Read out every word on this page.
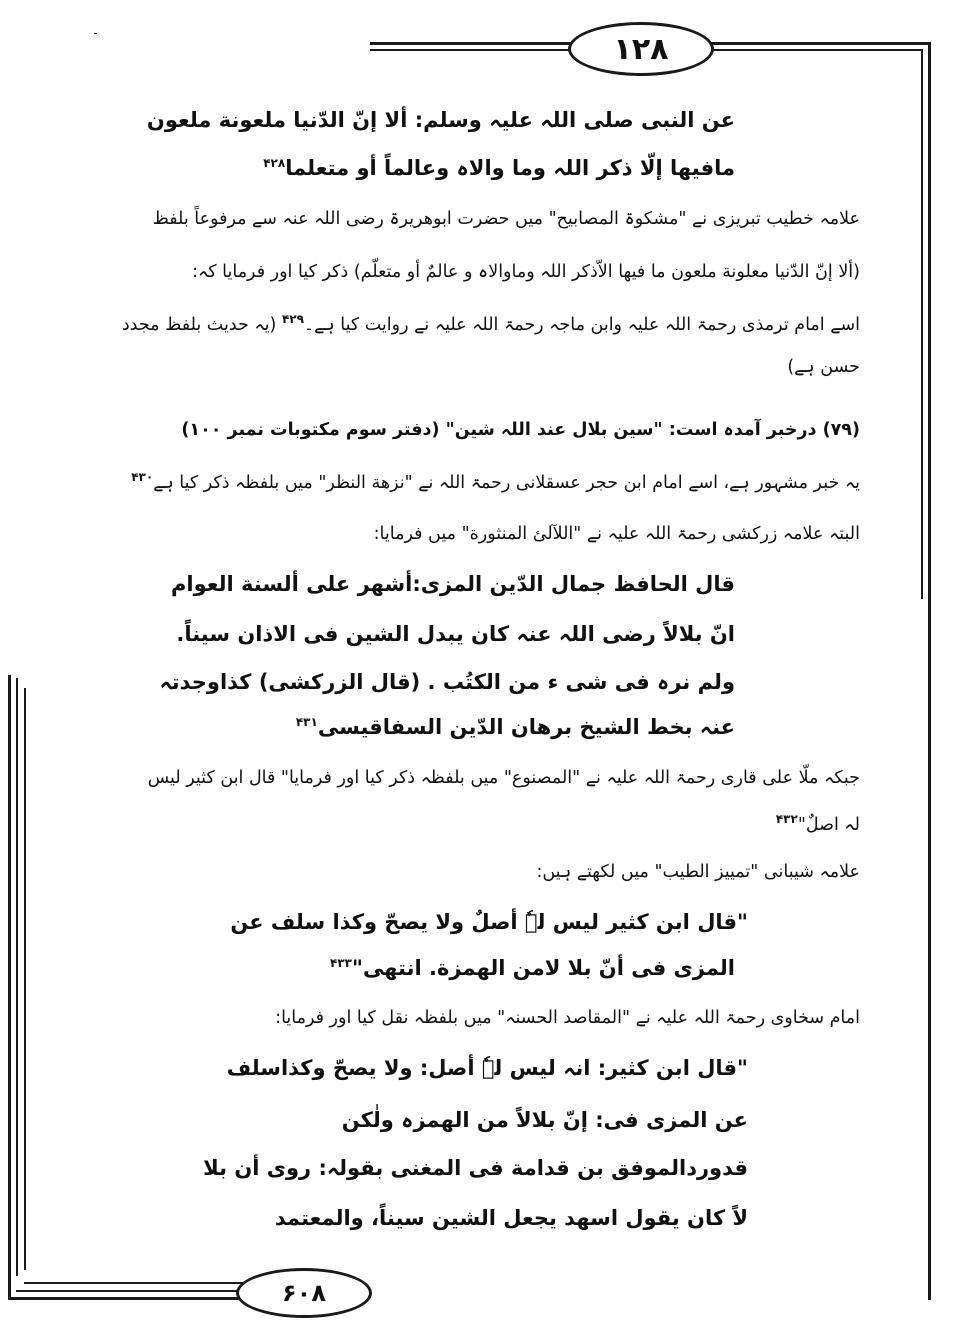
۱۲۸
۶۰۸
عن النبی صلی اللہ علیہ وسلم: ألا إنّ الدّنیا ملعونة ملعون
مافیھا إلّا ذکر اللہ وما والاہ وعالماً أو متعلما$^{۴۲۸}$
علامہ خطیب تبریزی نے "مشکوۃ المصابیح" میں حضرت ابوھریرۃ رضی اللہ عنہ سے مرفوعاً بلفظ
(ألا إنّ الدّنیا معلونة ملعون ما فیھا الاّذکر اللہ وماوالاہ و عالمٌ أو متعلّم) ذکر کیا اور فرمایا کہ:
اسے امام ترمذی رحمۃ اللہ علیہ وابن ماجہ رحمۃ اللہ علیہ نے روایت کیا ہے۔$^{۴۲۹}$ (یہ حدیث بلفظ مجدد
حسن ہے)
(۷۹) درخبر آمدہ است: "سین بلال عند اللہ شین" (دفتر سوم مکتوبات نمبر ۱۰۰)
یہ خبر مشہور ہے، اسے امام ابن حجر عسقلانی رحمۃ اللہ نے "نزھة النظر" میں بلفظہ ذکر کیا ہے$^{۴۳۰}$
البتہ علامہ زرکشی رحمۃ اللہ علیہ نے "اللآلئ المنثورة" میں فرمایا:
قال الحافظ جمال الدّین المزی:أشھر علی ألسنة العوام
انّ بلالاً رضی اللہ عنہ کان یبدل الشین فی الاذان سیناً.
ولم نرہ فی شی ء من الکتُب . (قال الزرکشی) کذاوجدتہ
عنہ بخط الشیخ برھان الدّین السفاقیسی$^{۴۳۱}$
جبکہ ملّا علی قاری رحمۃ اللہ علیہ نے "المصنوع" میں بلفظہ ذکر کیا اور فرمایا" قال ابن کثیر لیس
لہ اصلٌ"$^{۴۳۲}$
علامہ شیبانی "تمییز الطیب" میں لکھتے ہیں:
"قال ابن کثیر لیس لہٗ أصلٌ ولا یصحّ وکذا سلف عن
المزی فی أنّ بلا لامن الھمزة. انتھی"$^{۴۳۳}$
امام سخاوی رحمۃ اللہ علیہ نے "المقاصد الحسنہ" میں بلفظہ نقل کیا اور فرمایا:
"قال ابن کثیر: انہ لیس لہٗ أصل: ولا یصحّ وکذاسلف
عن المزی فی: إنّ بلالاً من الھمزہ ولٰکن
قدوردالموفق بن قدامة فی المغنی بقولہ: روی أن بلا
لاً کان یقول اسھد یجعل الشین سیناً، والمعتمد
